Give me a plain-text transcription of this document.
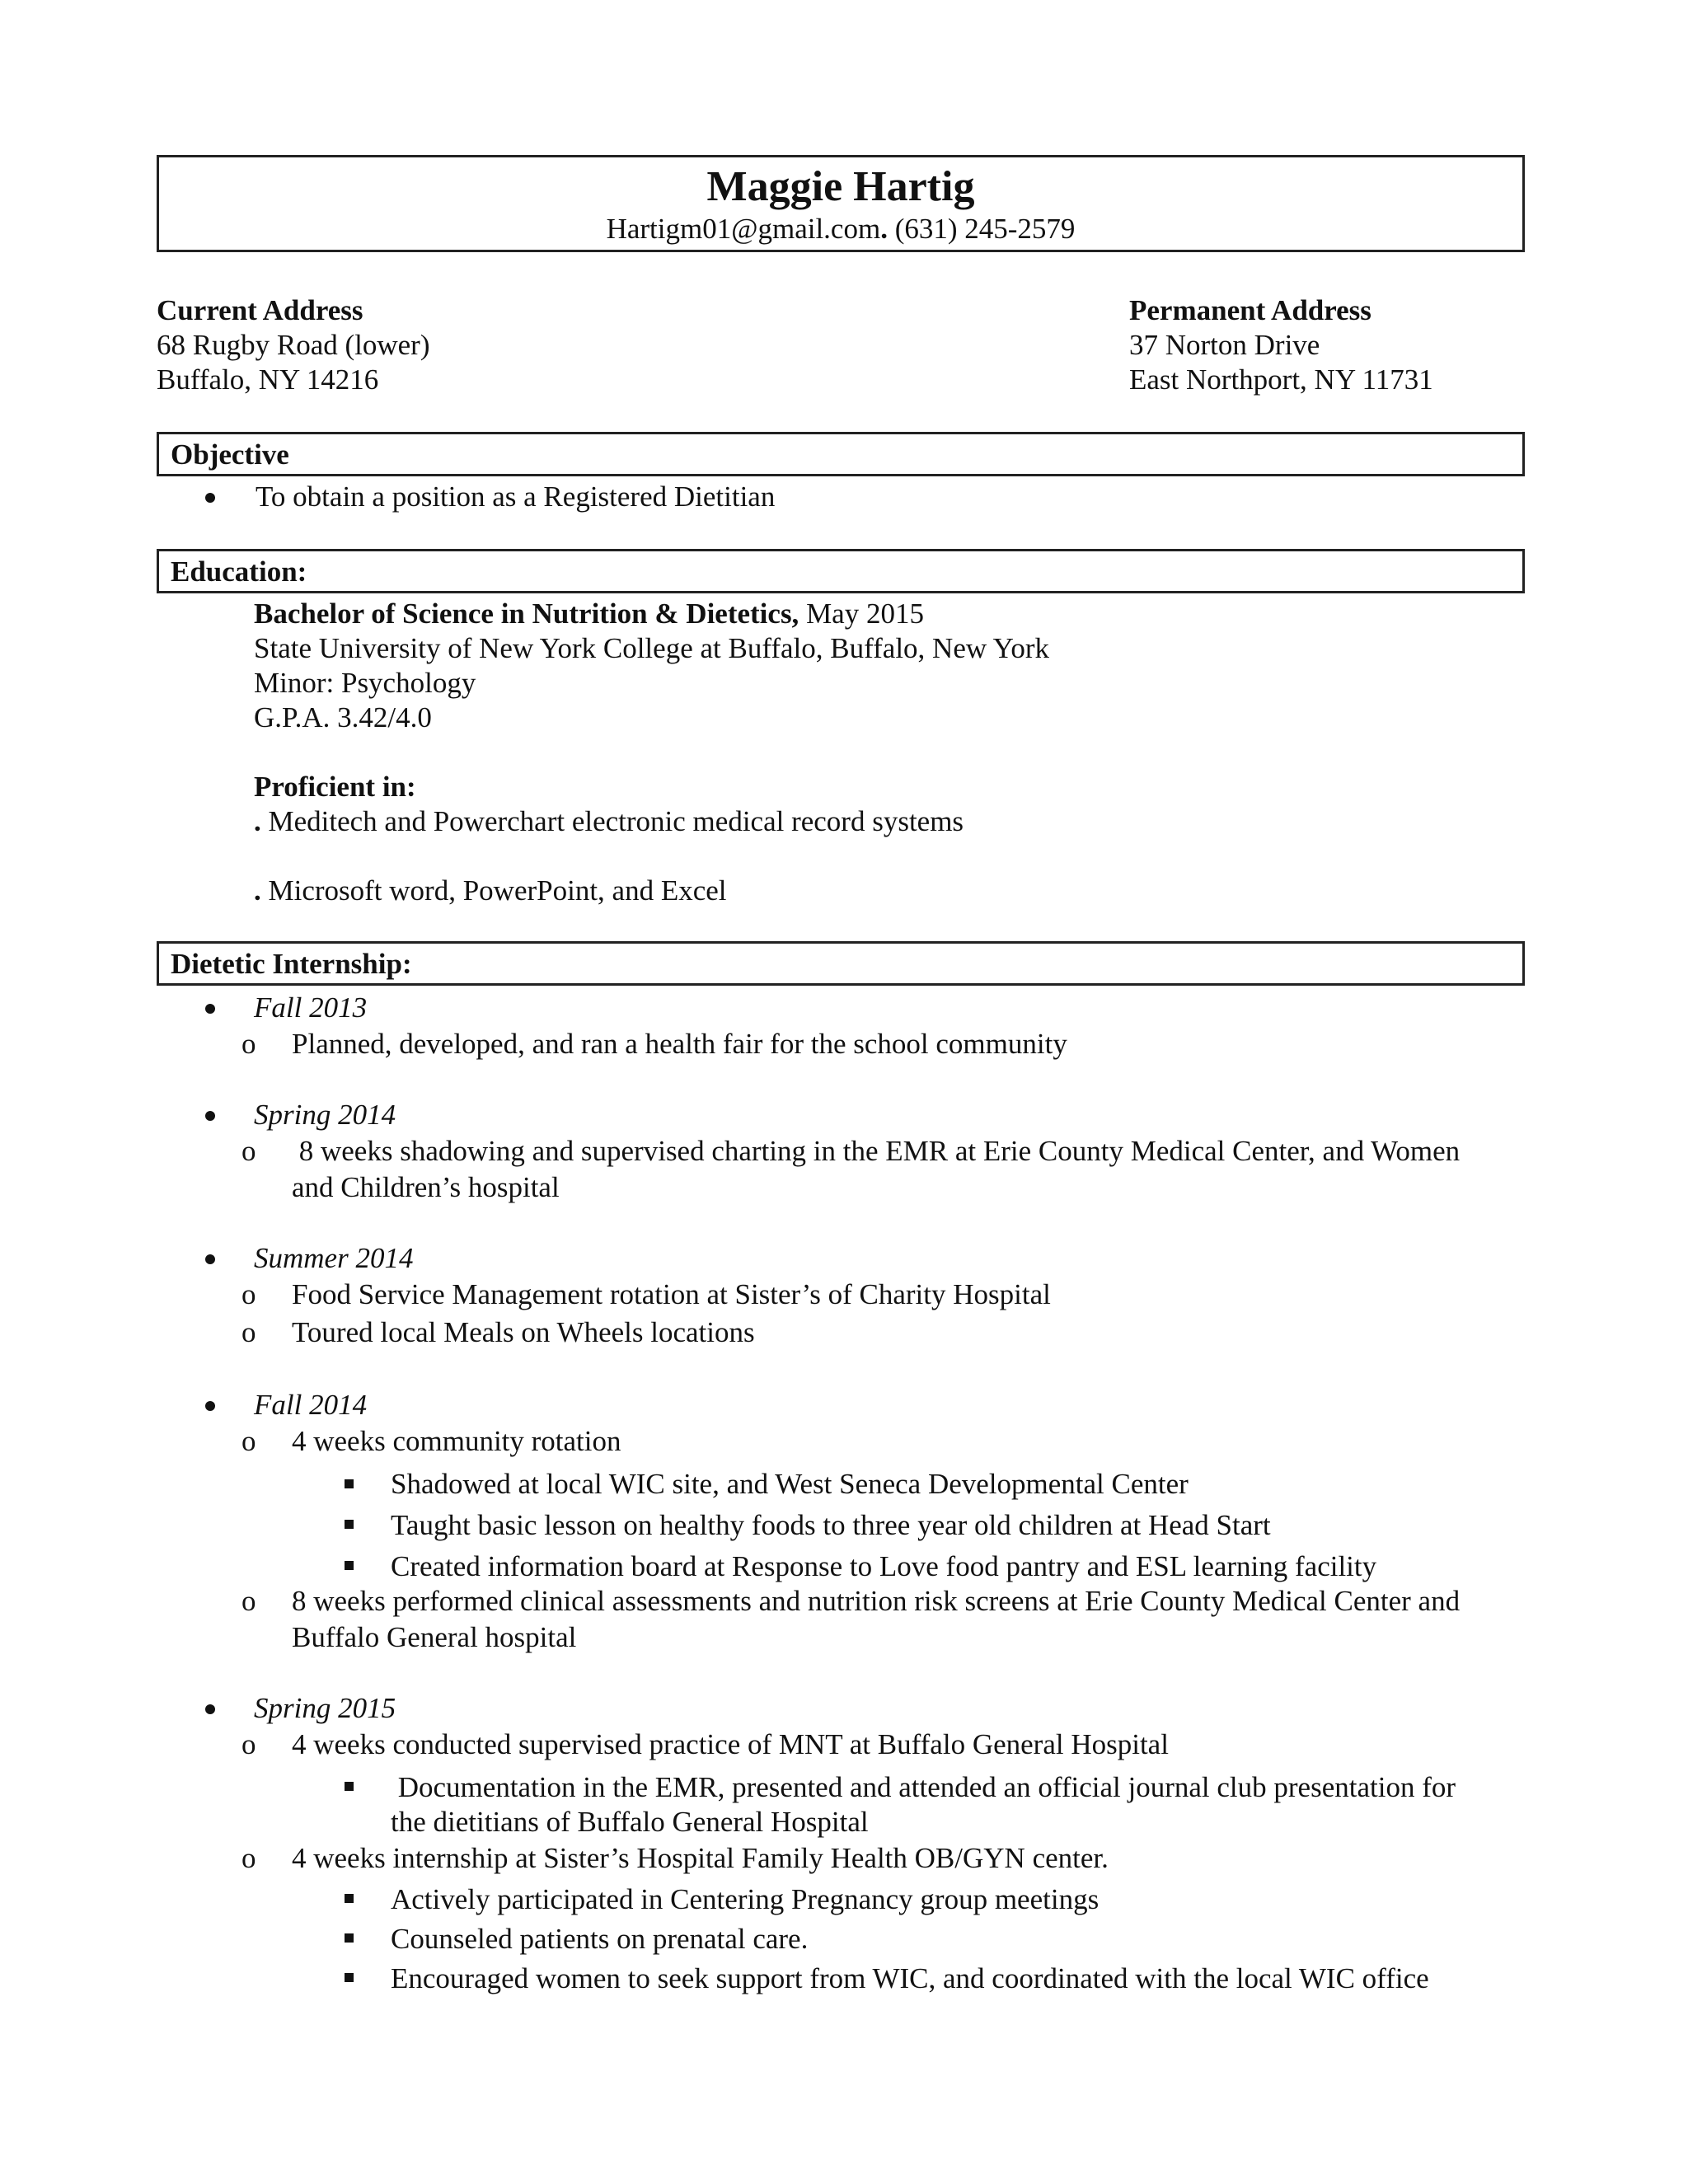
Maggie Hartig
Hartigm01@gmail.com. (631) 245-2579
Current Address
68 Rugby Road (lower)
Buffalo, NY 14216
Permanent Address
37 Norton Drive
East Northport, NY 11731
Objective
To obtain a position as a Registered Dietitian
Education:
Bachelor of Science in Nutrition & Dietetics, May 2015
State University of New York College at Buffalo, Buffalo, New York
Minor: Psychology
G.P.A. 3.42/4.0
Proficient in:
. Meditech and Powerchart electronic medical record systems
. Microsoft word, PowerPoint, and Excel
Dietetic Internship:
Fall 2013
o Planned, developed, and ran a health fair for the school community
Spring 2014
o 8 weeks shadowing and supervised charting in the EMR at Erie County Medical Center, and Women
and Children’s hospital
Summer 2014
o Food Service Management rotation at Sister’s of Charity Hospital
o Toured local Meals on Wheels locations
Fall 2014
o 4 weeks community rotation
Shadowed at local WIC site, and West Seneca Developmental Center
Taught basic lesson on healthy foods to three year old children at Head Start
Created information board at Response to Love food pantry and ESL learning facility
o 8 weeks performed clinical assessments and nutrition risk screens at Erie County Medical Center and
Buffalo General hospital
Spring 2015
o 4 weeks conducted supervised practice of MNT at Buffalo General Hospital
Documentation in the EMR, presented and attended an official journal club presentation for
the dietitians of Buffalo General Hospital
o 4 weeks internship at Sister’s Hospital Family Health OB/GYN center.
Actively participated in Centering Pregnancy group meetings
Counseled patients on prenatal care.
Encouraged women to seek support from WIC, and coordinated with the local WIC office
